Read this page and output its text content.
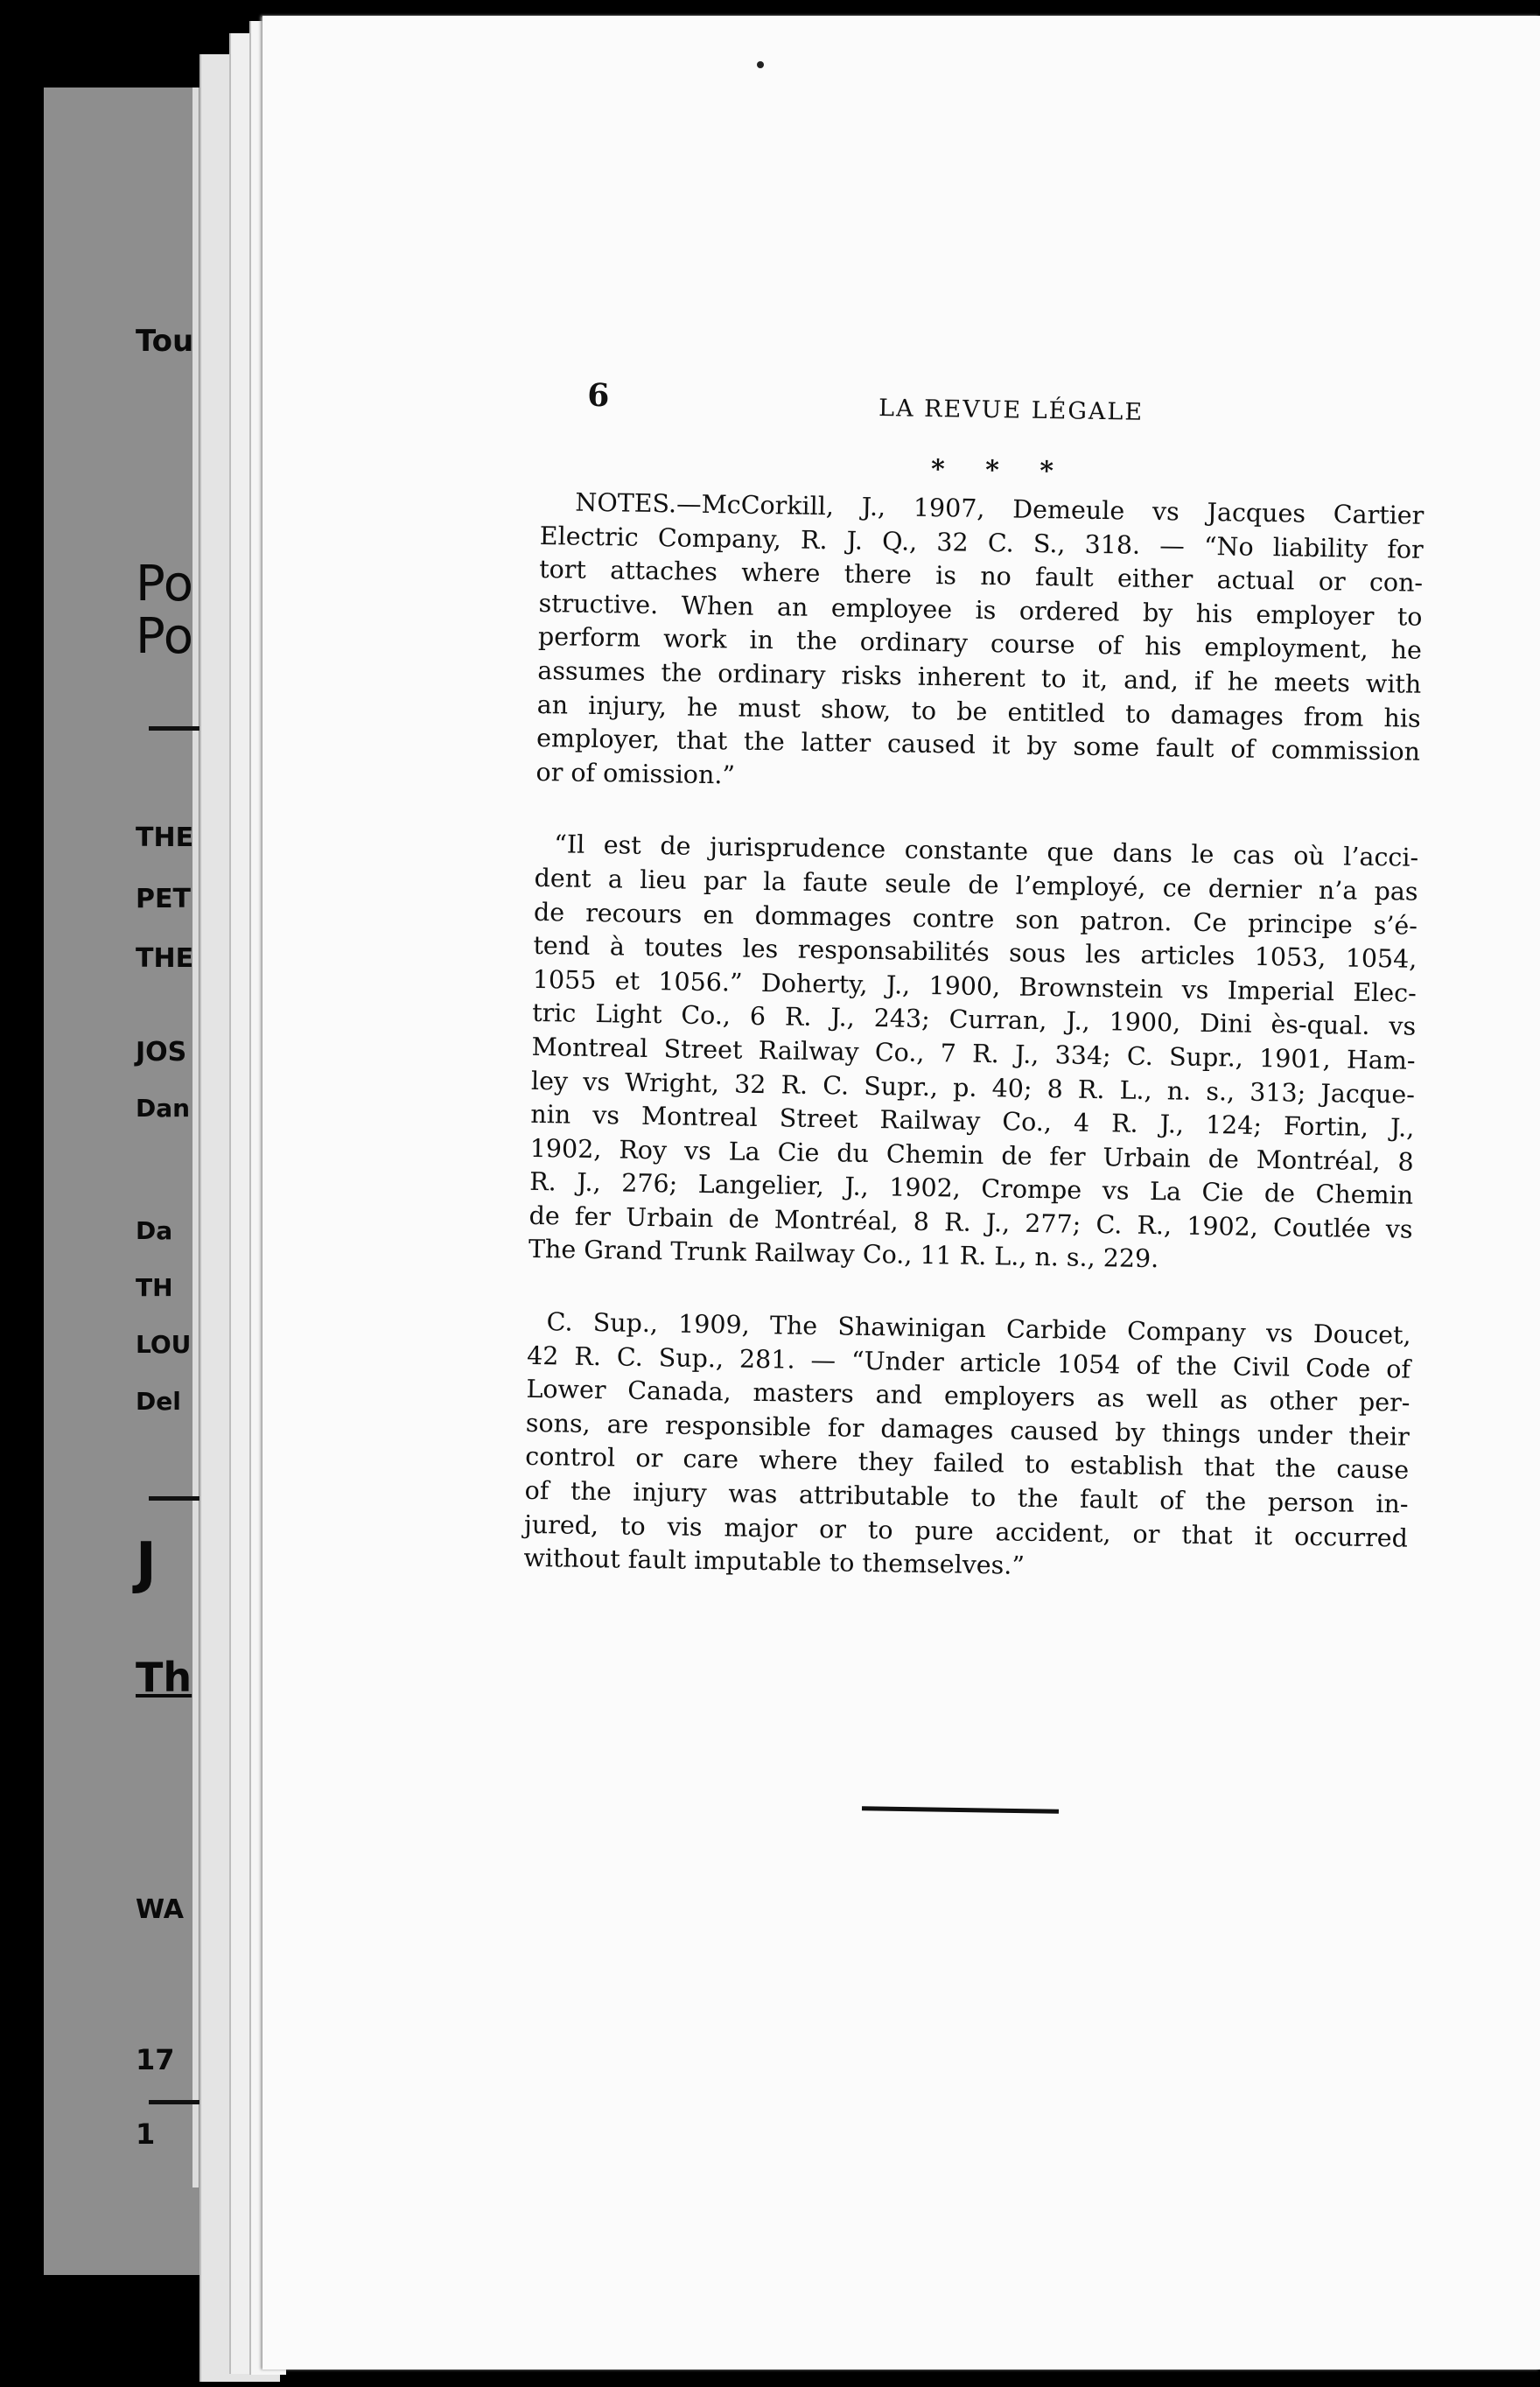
Tou
Po
Po
THE
PET
THE
JOS
Dan
Da
TH
LOU
Del
J
Th
WA
17
1
6	LA REVUE LÉGALE
* * *
NOTES.—McCorkill, J., 1907, Demeule vs Jacques Cartier
Electric Company, R. J. Q., 32 C. S., 318. — “No liability for
tort attaches where there is no fault either actual or con-
structive. When an employee is ordered by his employer to
perform work in the ordinary course of his employment, he
assumes the ordinary risks inherent to it, and, if he meets with
an injury, he must show, to be entitled to damages from his
employer, that the latter caused it by some fault of commission
or of omission.”
“Il est de jurisprudence constante que dans le cas où l’acci-
dent a lieu par la faute seule de l’employé, ce dernier n’a pas
de recours en dommages contre son patron. Ce principe s’é-
tend à toutes les responsabilités sous les articles 1053, 1054,
1055 et 1056.” Doherty, J., 1900, Brownstein vs Imperial Elec-
tric Light Co., 6 R. J., 243; Curran, J., 1900, Dini ès-qual. vs
Montreal Street Railway Co., 7 R. J., 334; C. Supr., 1901, Ham-
ley vs Wright, 32 R. C. Supr., p. 40; 8 R. L., n. s., 313; Jacque-
nin vs Montreal Street Railway Co., 4 R. J., 124; Fortin, J.,
1902, Roy vs La Cie du Chemin de fer Urbain de Montréal, 8
R. J., 276; Langelier, J., 1902, Crompe vs La Cie de Chemin
de fer Urbain de Montréal, 8 R. J., 277; C. R., 1902, Coutlée vs
The Grand Trunk Railway Co., 11 R. L., n. s., 229.
C. Sup., 1909, The Shawinigan Carbide Company vs Doucet,
42 R. C. Sup., 281. — “Under article 1054 of the Civil Code of
Lower Canada, masters and employers as well as other per-
sons, are responsible for damages caused by things under their
control or care where they failed to establish that the cause
of the injury was attributable to the fault of the person in-
jured, to vis major or to pure accident, or that it occurred
without fault imputable to themselves.”
